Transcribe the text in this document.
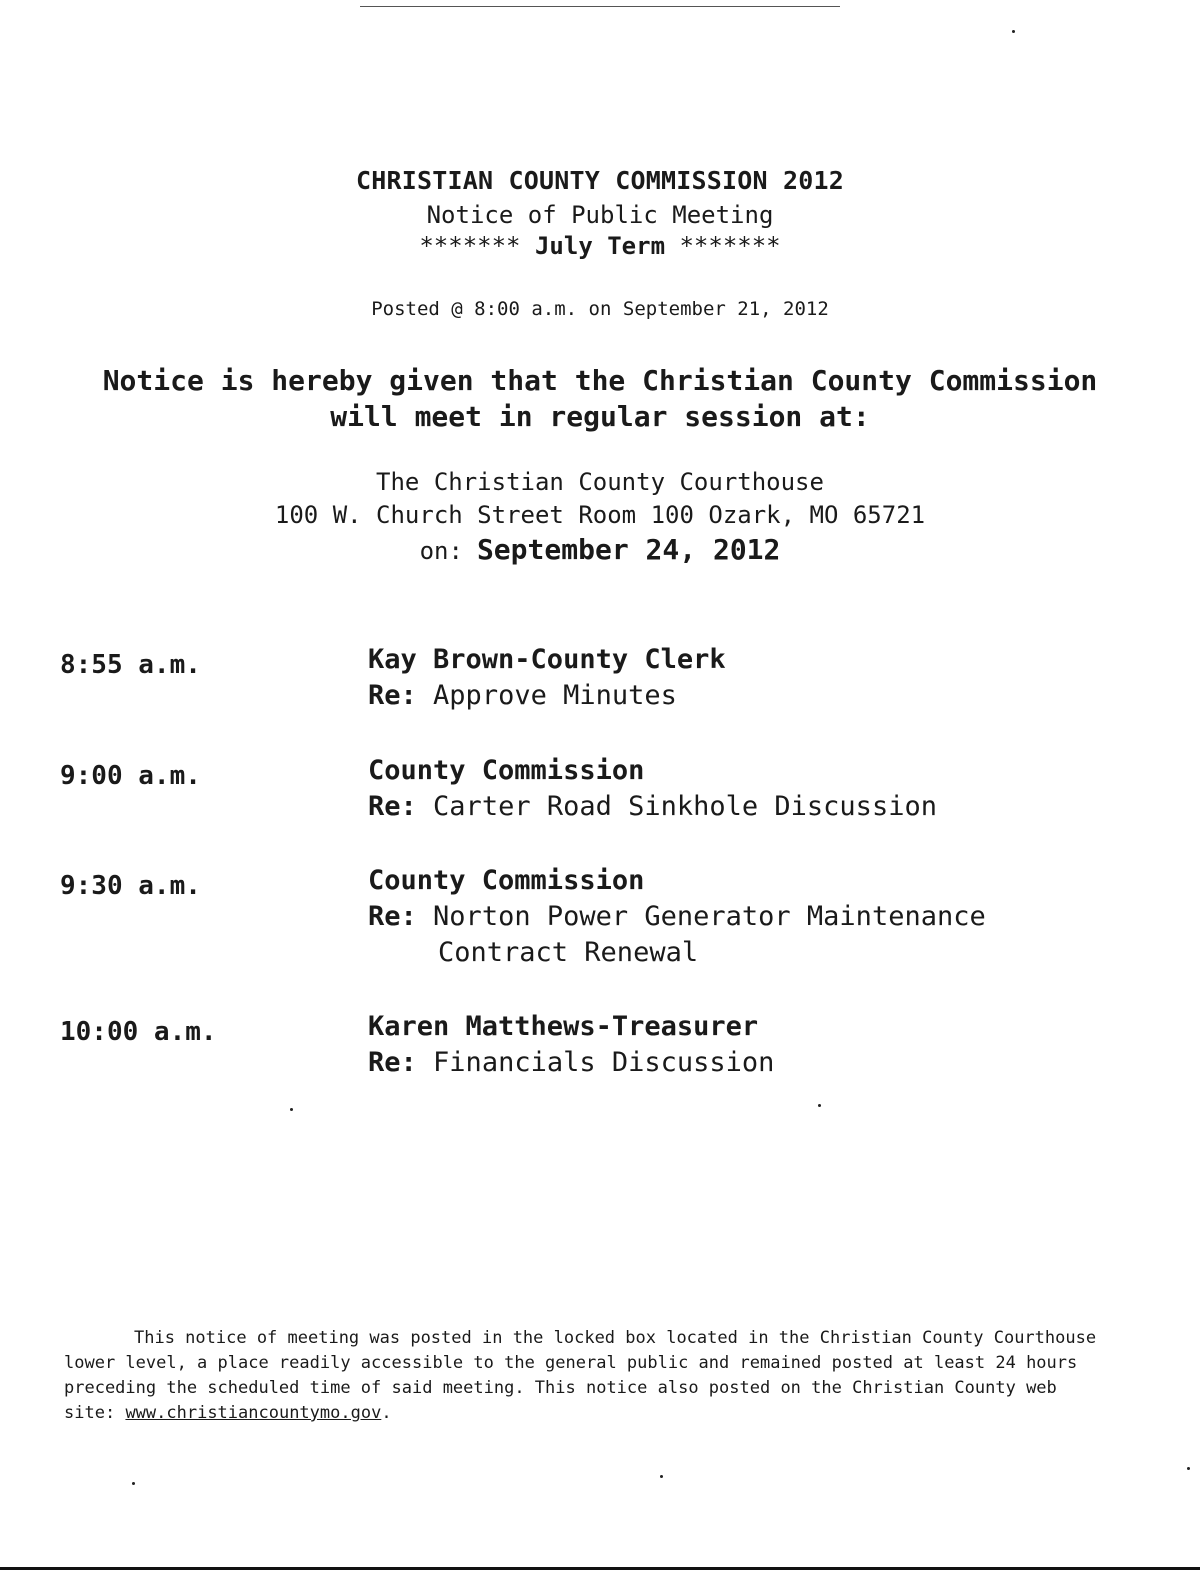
CHRISTIAN COUNTY COMMISSION 2012
Notice of Public Meeting
******* July Term *******
Posted @ 8:00 a.m. on September 21, 2012
Notice is hereby given that the Christian County Commission
will meet in regular session at:
The Christian County Courthouse
100 W. Church Street Room 100 Ozark, MO 65721
on: September 24, 2012
8:55 a.m.	Kay Brown-County Clerk
Re: Approve Minutes
9:00 a.m.	County Commission
Re: Carter Road Sinkhole Discussion
9:30 a.m.	County Commission
Re: Norton Power Generator Maintenance
Contract Renewal
10:00 a.m.	Karen Matthews-Treasurer
Re: Financials Discussion
This notice of meeting was posted in the locked box located in the Christian County Courthouse
lower level, a place readily accessible to the general public and remained posted at least 24 hours
preceding the scheduled time of said meeting. This notice also posted on the Christian County web
site: www.christiancountymo.gov.
